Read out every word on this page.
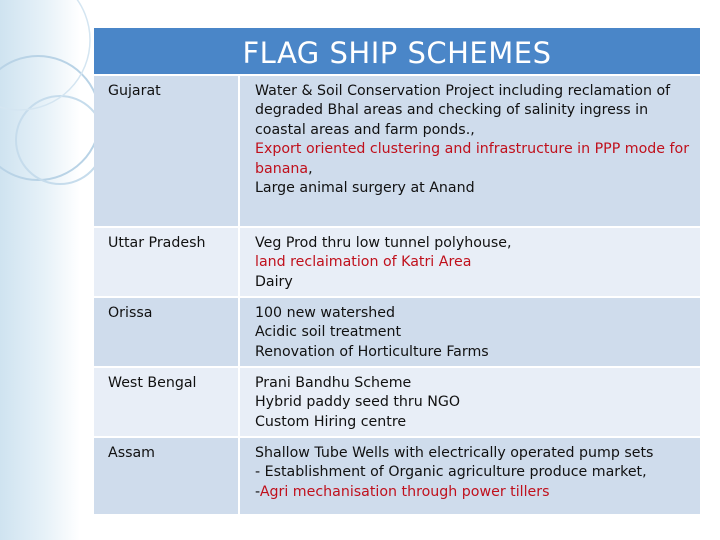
FLAG SHIP SCHEMES
Gujarat	Water & Soil Conservation Project including reclamation of degraded Bhal areas and checking of salinity ingress in coastal areas and farm ponds.,
Export oriented clustering and infrastructure in PPP mode for banana,
Large animal surgery at Anand
Uttar Pradesh	Veg Prod thru low tunnel polyhouse,
land reclaimation of Katri Area
Dairy
Orissa	100 new watershed
Acidic soil treatment
Renovation of Horticulture Farms
West Bengal	Prani Bandhu Scheme
Hybrid paddy seed thru NGO
Custom Hiring centre
Assam	Shallow Tube Wells with electrically operated pump sets
- Establishment of Organic agriculture produce market,
-Agri mechanisation through power tillers
